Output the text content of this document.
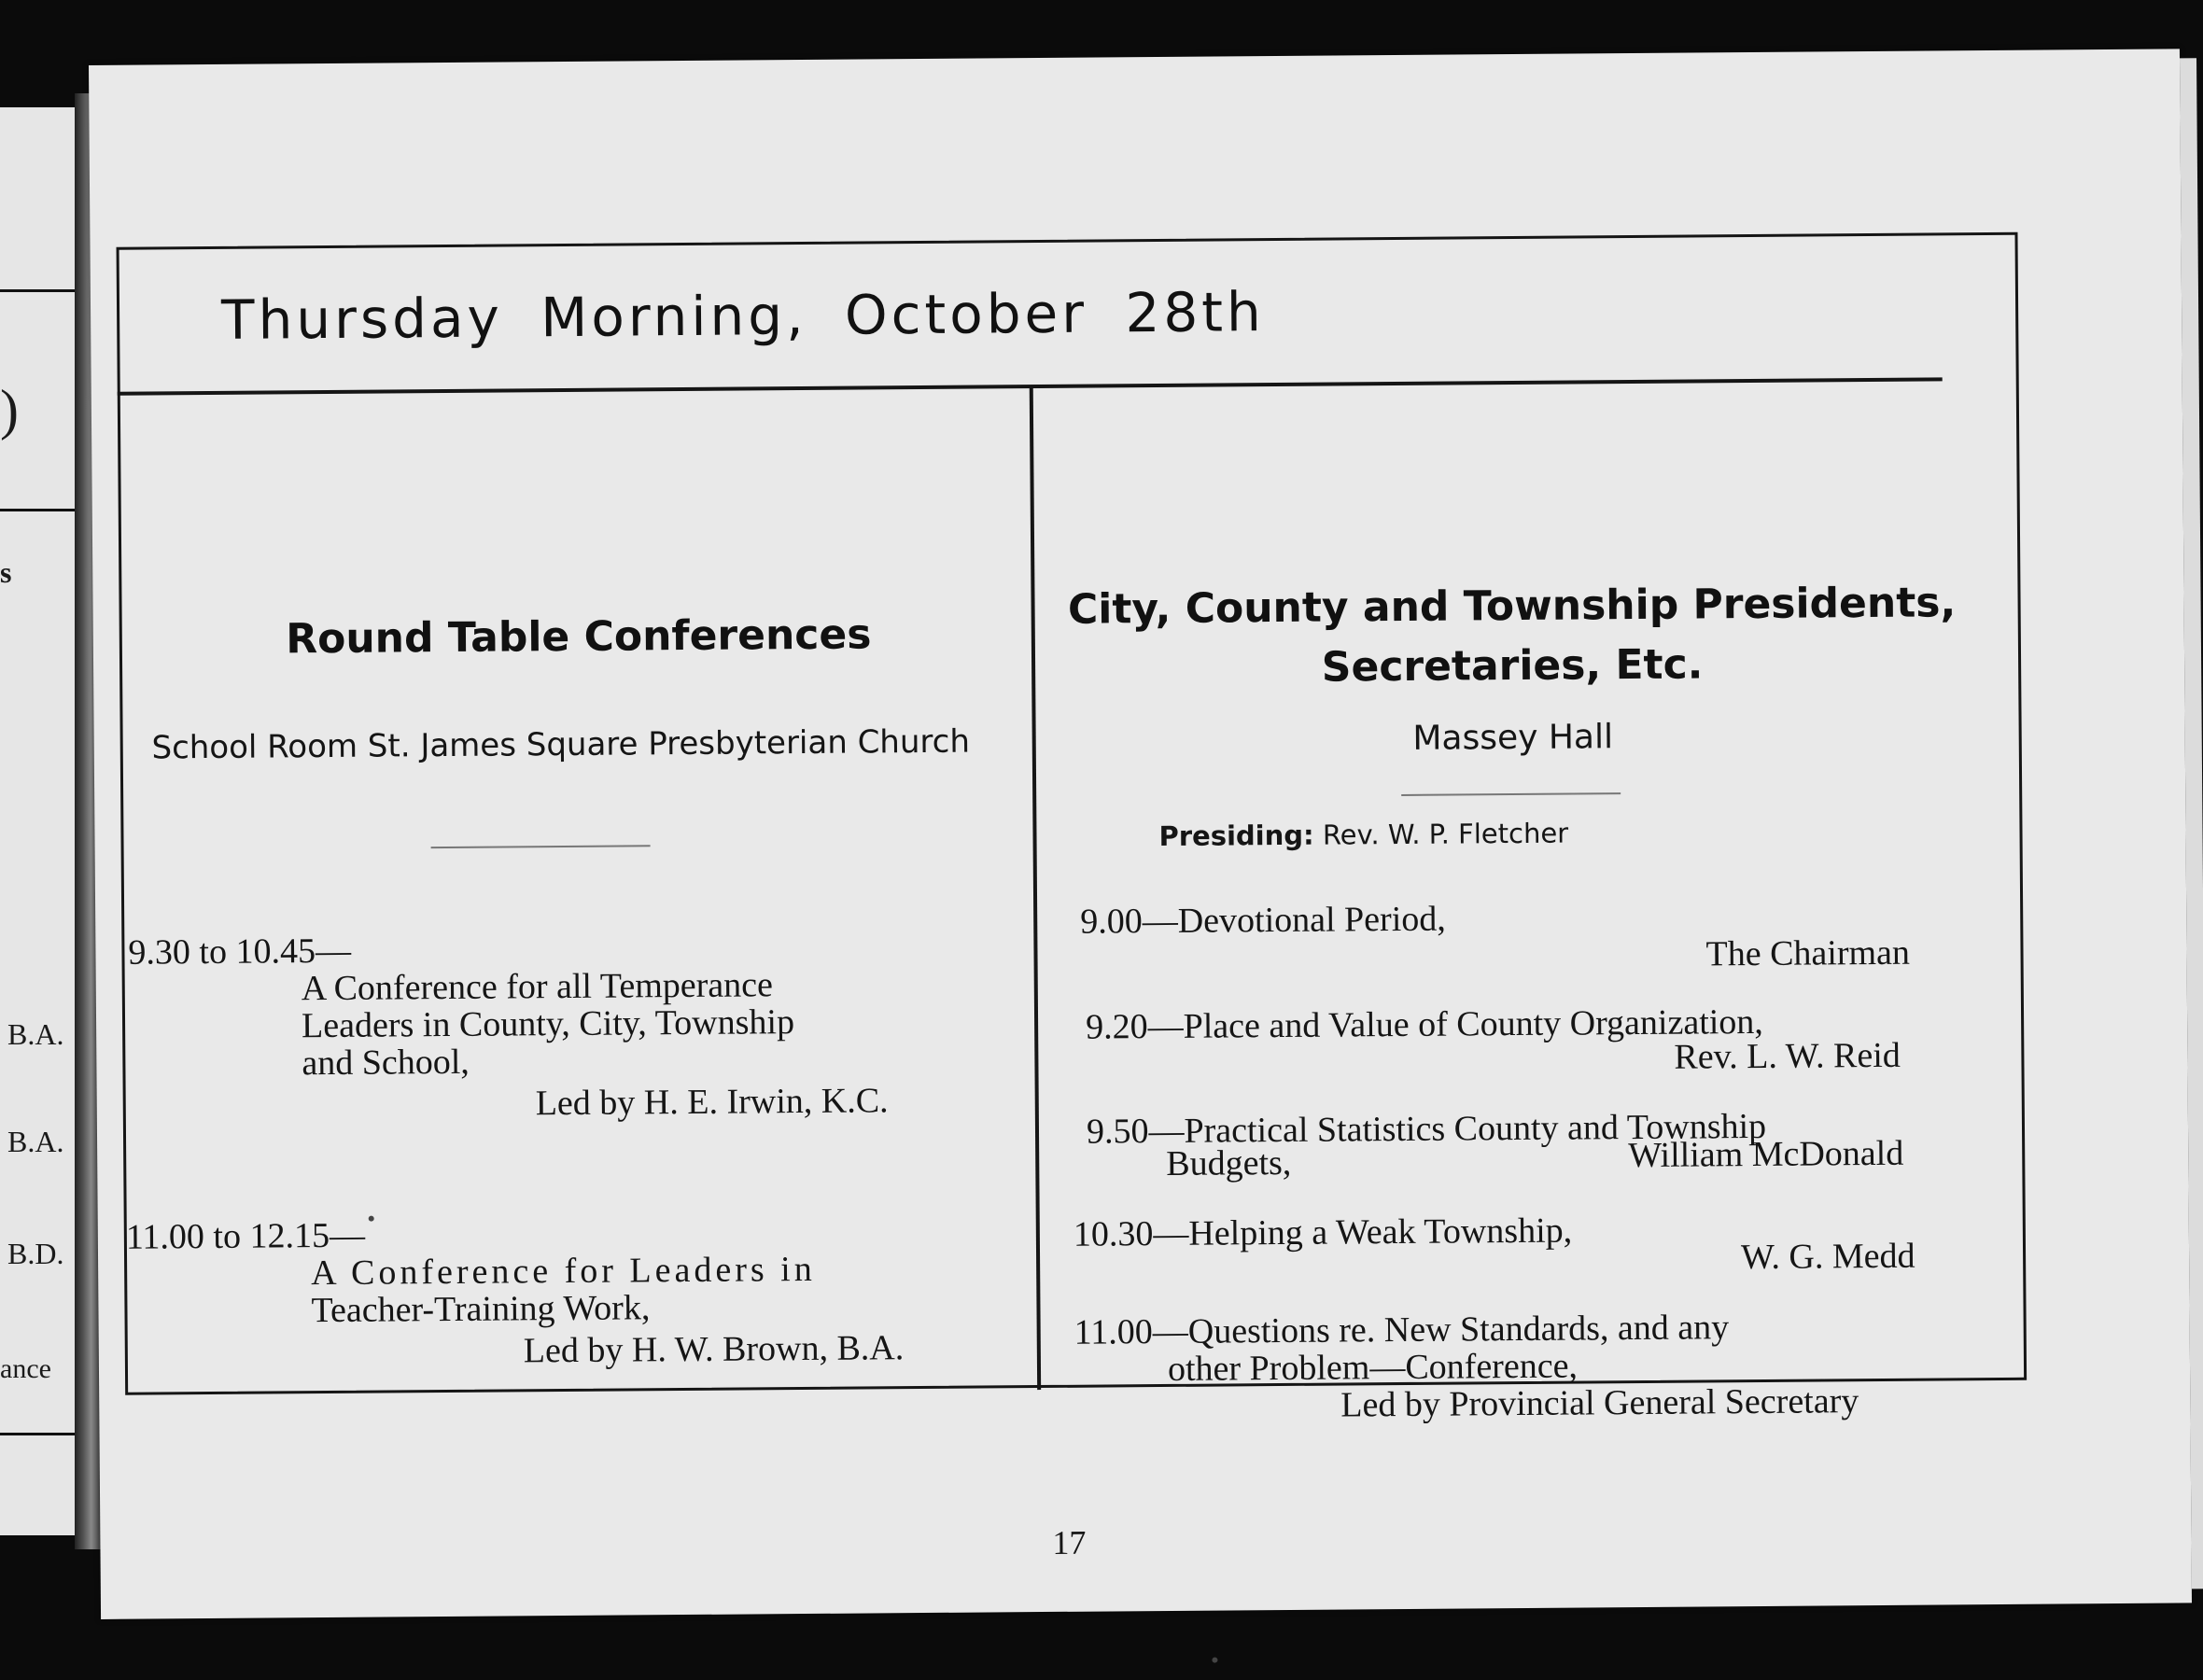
)
s
B.A.
B.A.
B.D.
ance
Thursday Morning, October 28th
Round Table Conferences
School Room St. James Square Presbyterian Church
9.30 to 10.45—
A Conference for all Temperance
Leaders in County, City, Township
and School,
Led by H. E. Irwin, K.C.
11.00 to 12.15—
A Conference for Leaders in
Teacher-Training Work,
Led by H. W. Brown, B.A.
City, County and Township Presidents,
Secretaries, Etc.
Massey Hall
Presiding: Rev. W. P. Fletcher
9.00—Devotional Period,
The Chairman
9.20—Place and Value of County Organization,
Rev. L. W. Reid
9.50—Practical Statistics County and Township
Budgets,	William McDonald
10.30—Helping a Weak Township,
W. G. Medd
11.00—Questions re. New Standards, and any
other Problem—Conference,
Led by Provincial General Secretary
17
